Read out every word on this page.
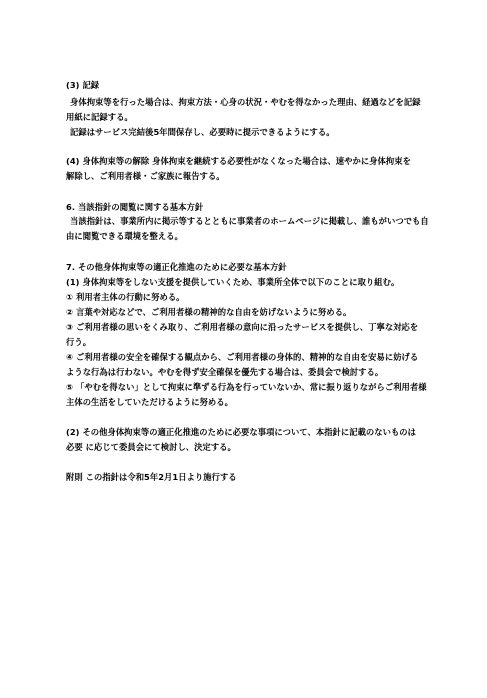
(3) 記録
身体拘束等を行った場合は、拘束方法・心身の状況・やむを得なかった理由、経過などを記録
用紙に記録する。
記録はサービス完結後5年間保存し、必要時に提示できるようにする。
(4) 身体拘束等の解除 身体拘束を継続する必要性がなくなった場合は、速やかに身体拘束を
解除し、ご利用者様・ご家族に報告する。
6. 当該指針の閲覧に関する基本方針
当該指針は、事業所内に掲示等するとともに事業者のホームページに掲載し、誰もがいつでも自
由に閲覧できる環境を整える。
7. その他身体拘束等の適正化推進のために必要な基本方針
(1) 身体拘束等をしない支援を提供していくため、事業所全体で以下のことに取り組む。
① 利用者主体の行動に努める。
② 言葉や対応などで、ご利用者様の精神的な自由を妨げないように努める。
③ ご利用者様の思いをくみ取り、ご利用者様の意向に沿ったサービスを提供し、丁寧な対応を
行う。
④ ご利用者様の安全を確保する観点から、ご利用者様の身体的、精神的な自由を安易に妨げる
ような行為は行わない。やむを得ず安全確保を優先する場合は、委員会で検討する。
⑤ 「やむを得ない」として拘束に準ずる行為を行っていないか、常に振り返りながらご利用者様
主体の生活をしていただけるように努める。
(2) その他身体拘束等の適正化推進のために必要な事項について、本指針に記載のないものは
必要 に応じて委員会にて検討し、決定する。
附則 この指針は令和5年2月1日より施行する
